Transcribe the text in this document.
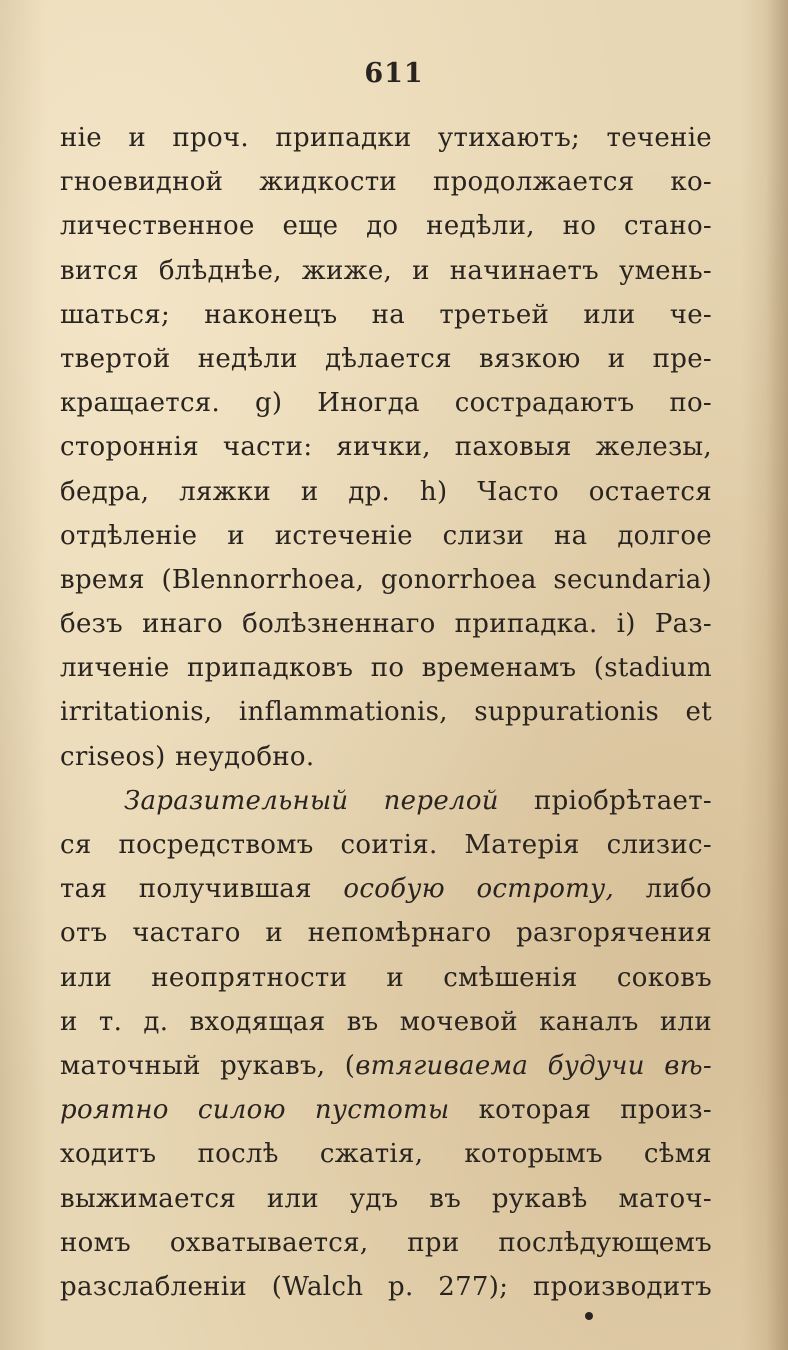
611
ніе и проч. припадки утихаютъ; теченіе
гноевидной жидкости продолжается ко-
личественное еще до недѣли, но стано-
вится блѣднѣе, жиже, и начинаетъ умень-
шаться; наконецъ на третьей или че-
твертой недѣли дѣлается вязкою и пре-
кращается. g) Иногда сострадаютъ по-
стороннія части: яички, паховыя железы,
бедра, ляжки и др. h) Часто остается
отдѣленіе и истеченіе слизи на долгое
время (Blennorrhoea, gonorrhoea secundaria)
безъ инаго болѣзненнаго припадка. i) Раз-
личеніе припадковъ по временамъ (stadium
irritationis, inflammationis, suppurationis et
criseos) неудобно.
Заразительный перелой пріобрѣтает-
ся посредствомъ соитія. Матерія слизис-
тая получившая особую остроту, либо
отъ частаго и непомѣрнаго разгорячения
или неопрятности и смѣшенія соковъ
и т. д. входящая въ мочевой каналъ или
маточный рукавъ, (втягиваема будучи вѣ-
роятно силою пустоты которая произ-
ходитъ послѣ сжатія, которымъ сѣмя
выжимается или удъ въ рукавѣ маточ-
номъ охватывается, при послѣдующемъ
разслабленіи (Walch p. 277); производитъ
